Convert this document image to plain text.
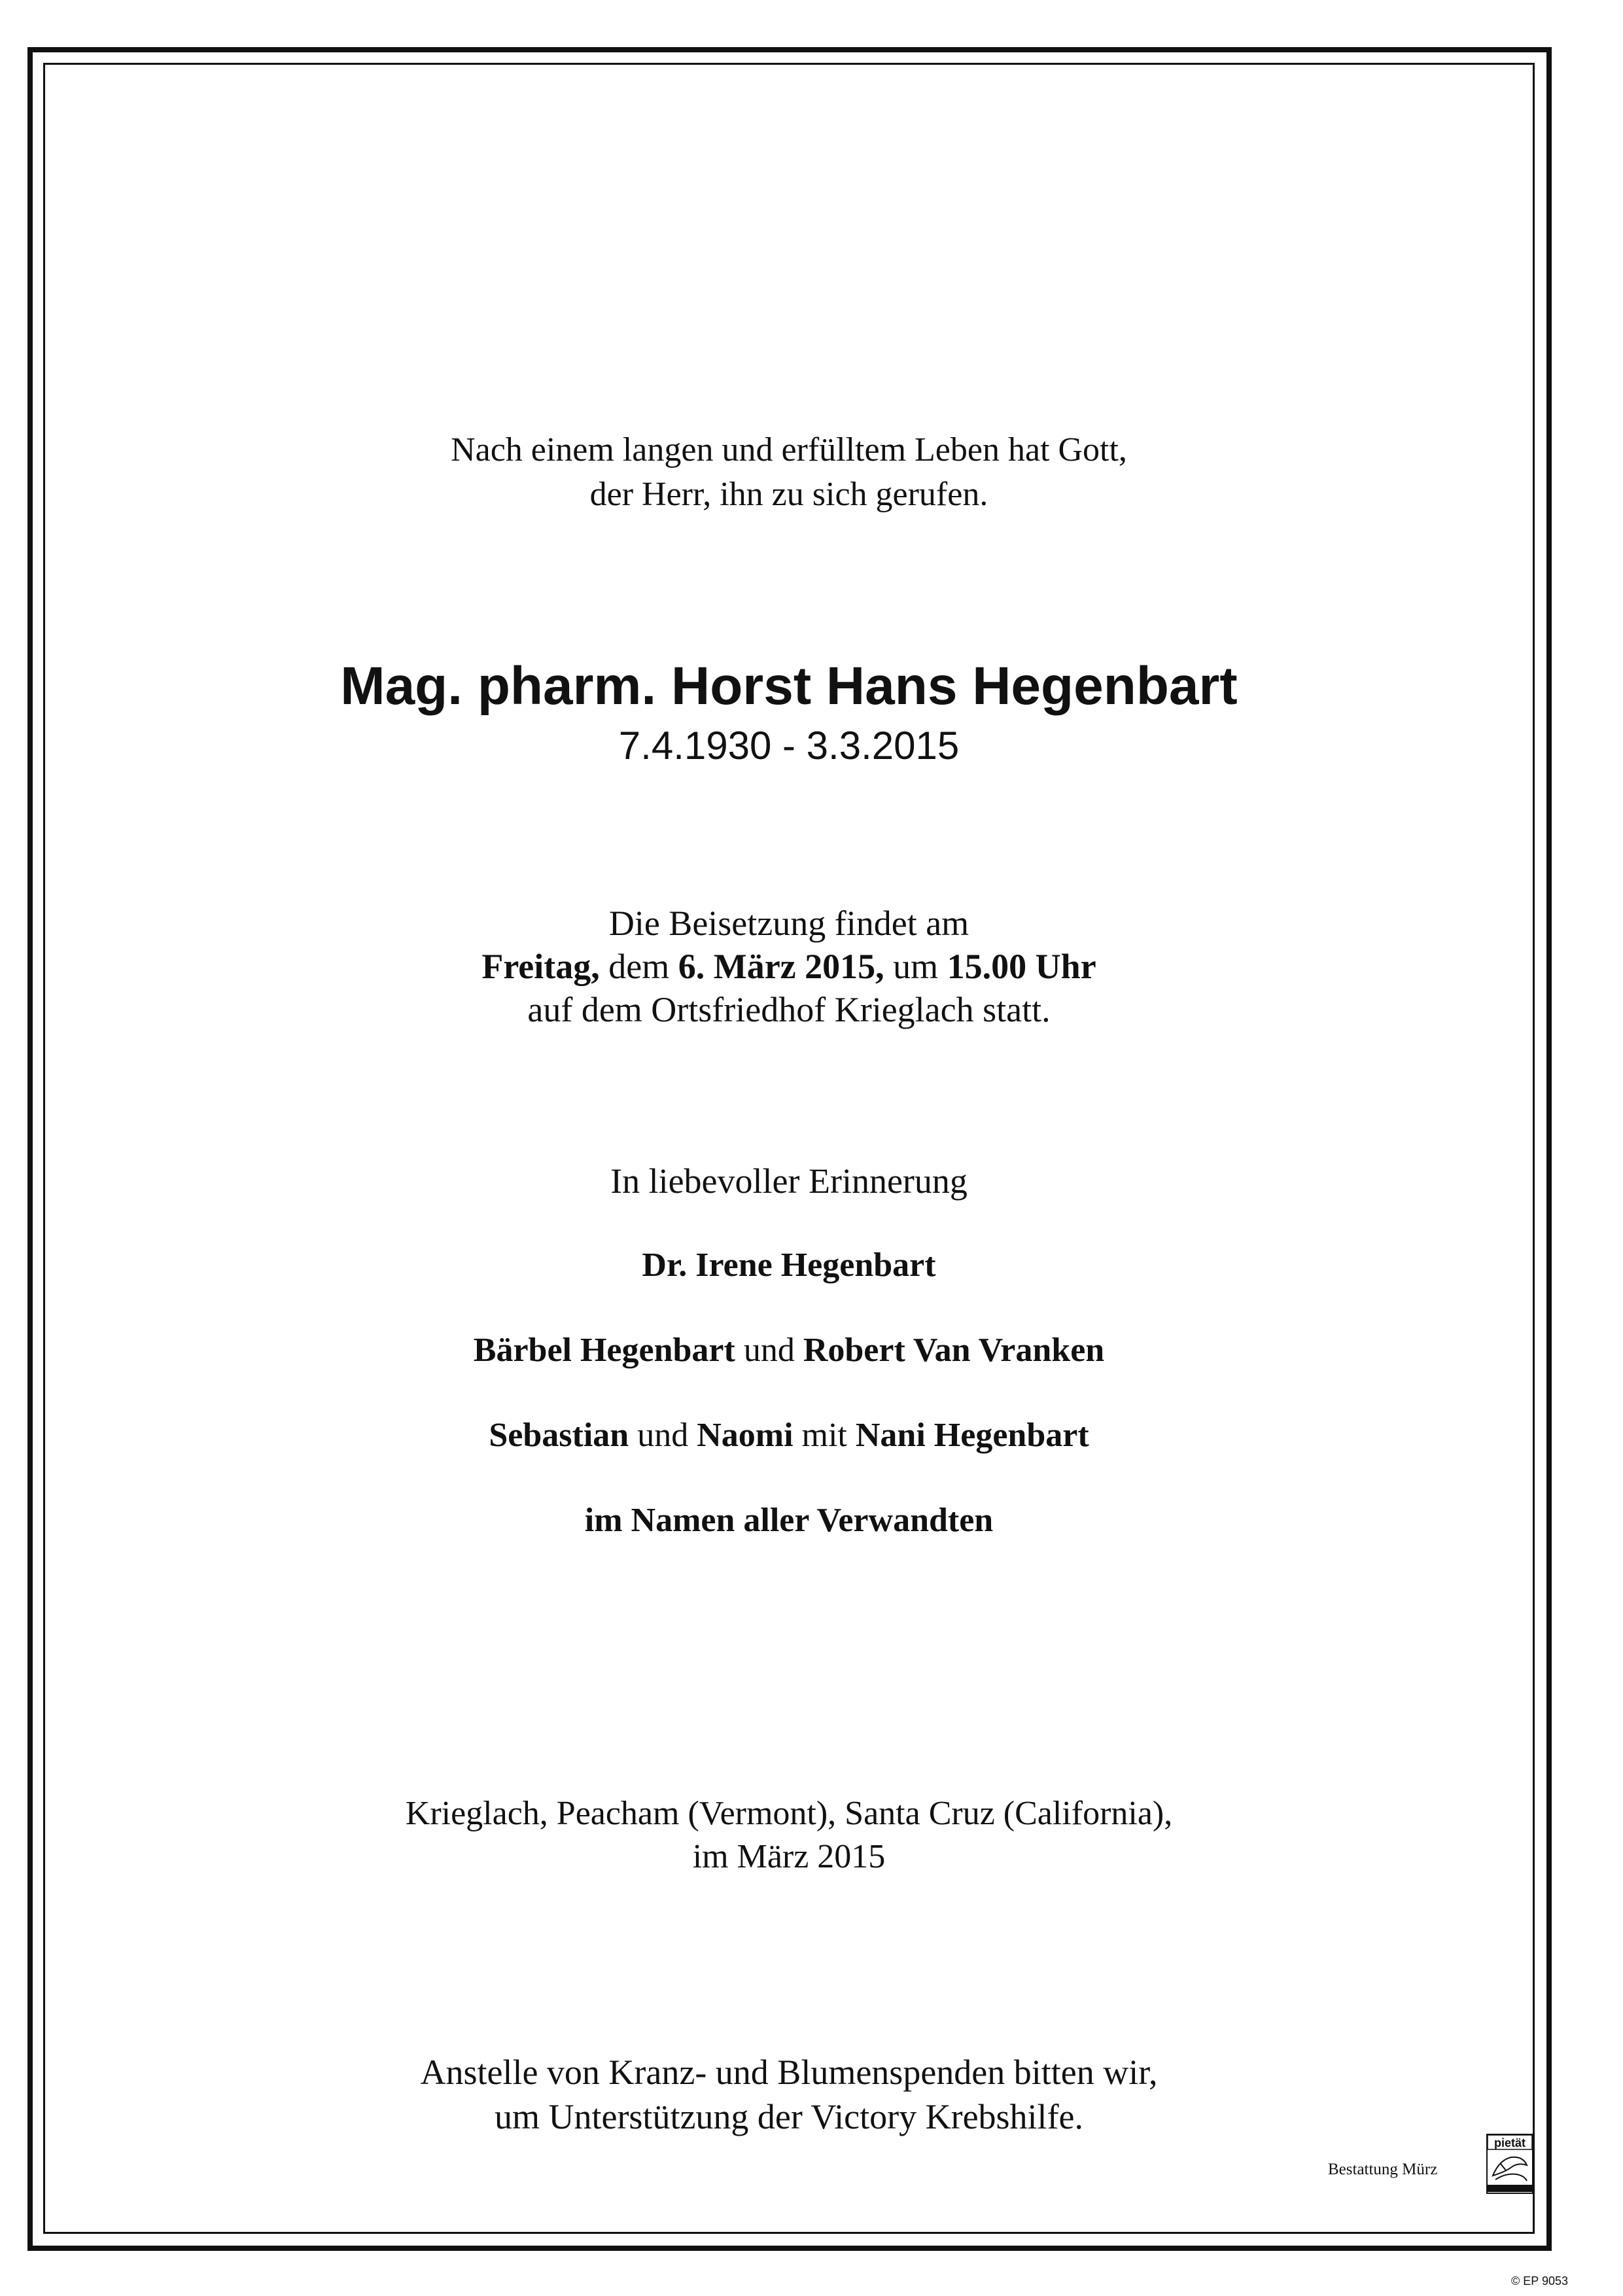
Nach einem langen und erfülltem Leben hat Gott,
der Herr, ihn zu sich gerufen.
Mag. pharm. Horst Hans Hegenbart
7.4.1930 - 3.3.2015
Die Beisetzung findet am
Freitag, dem 6. März 2015, um 15.00 Uhr
auf dem Ortsfriedhof Krieglach statt.
In liebevoller Erinnerung
Dr. Irene Hegenbart
Bärbel Hegenbart und Robert Van Vranken
Sebastian und Naomi mit Nani Hegenbart
im Namen aller Verwandten
Krieglach, Peacham (Vermont), Santa Cruz (California),
im März 2015
Anstelle von Kranz- und Blumenspenden bitten wir,
um Unterstützung der Victory Krebshilfe.
Bestattung Mürz
pietät
© EP 9053
